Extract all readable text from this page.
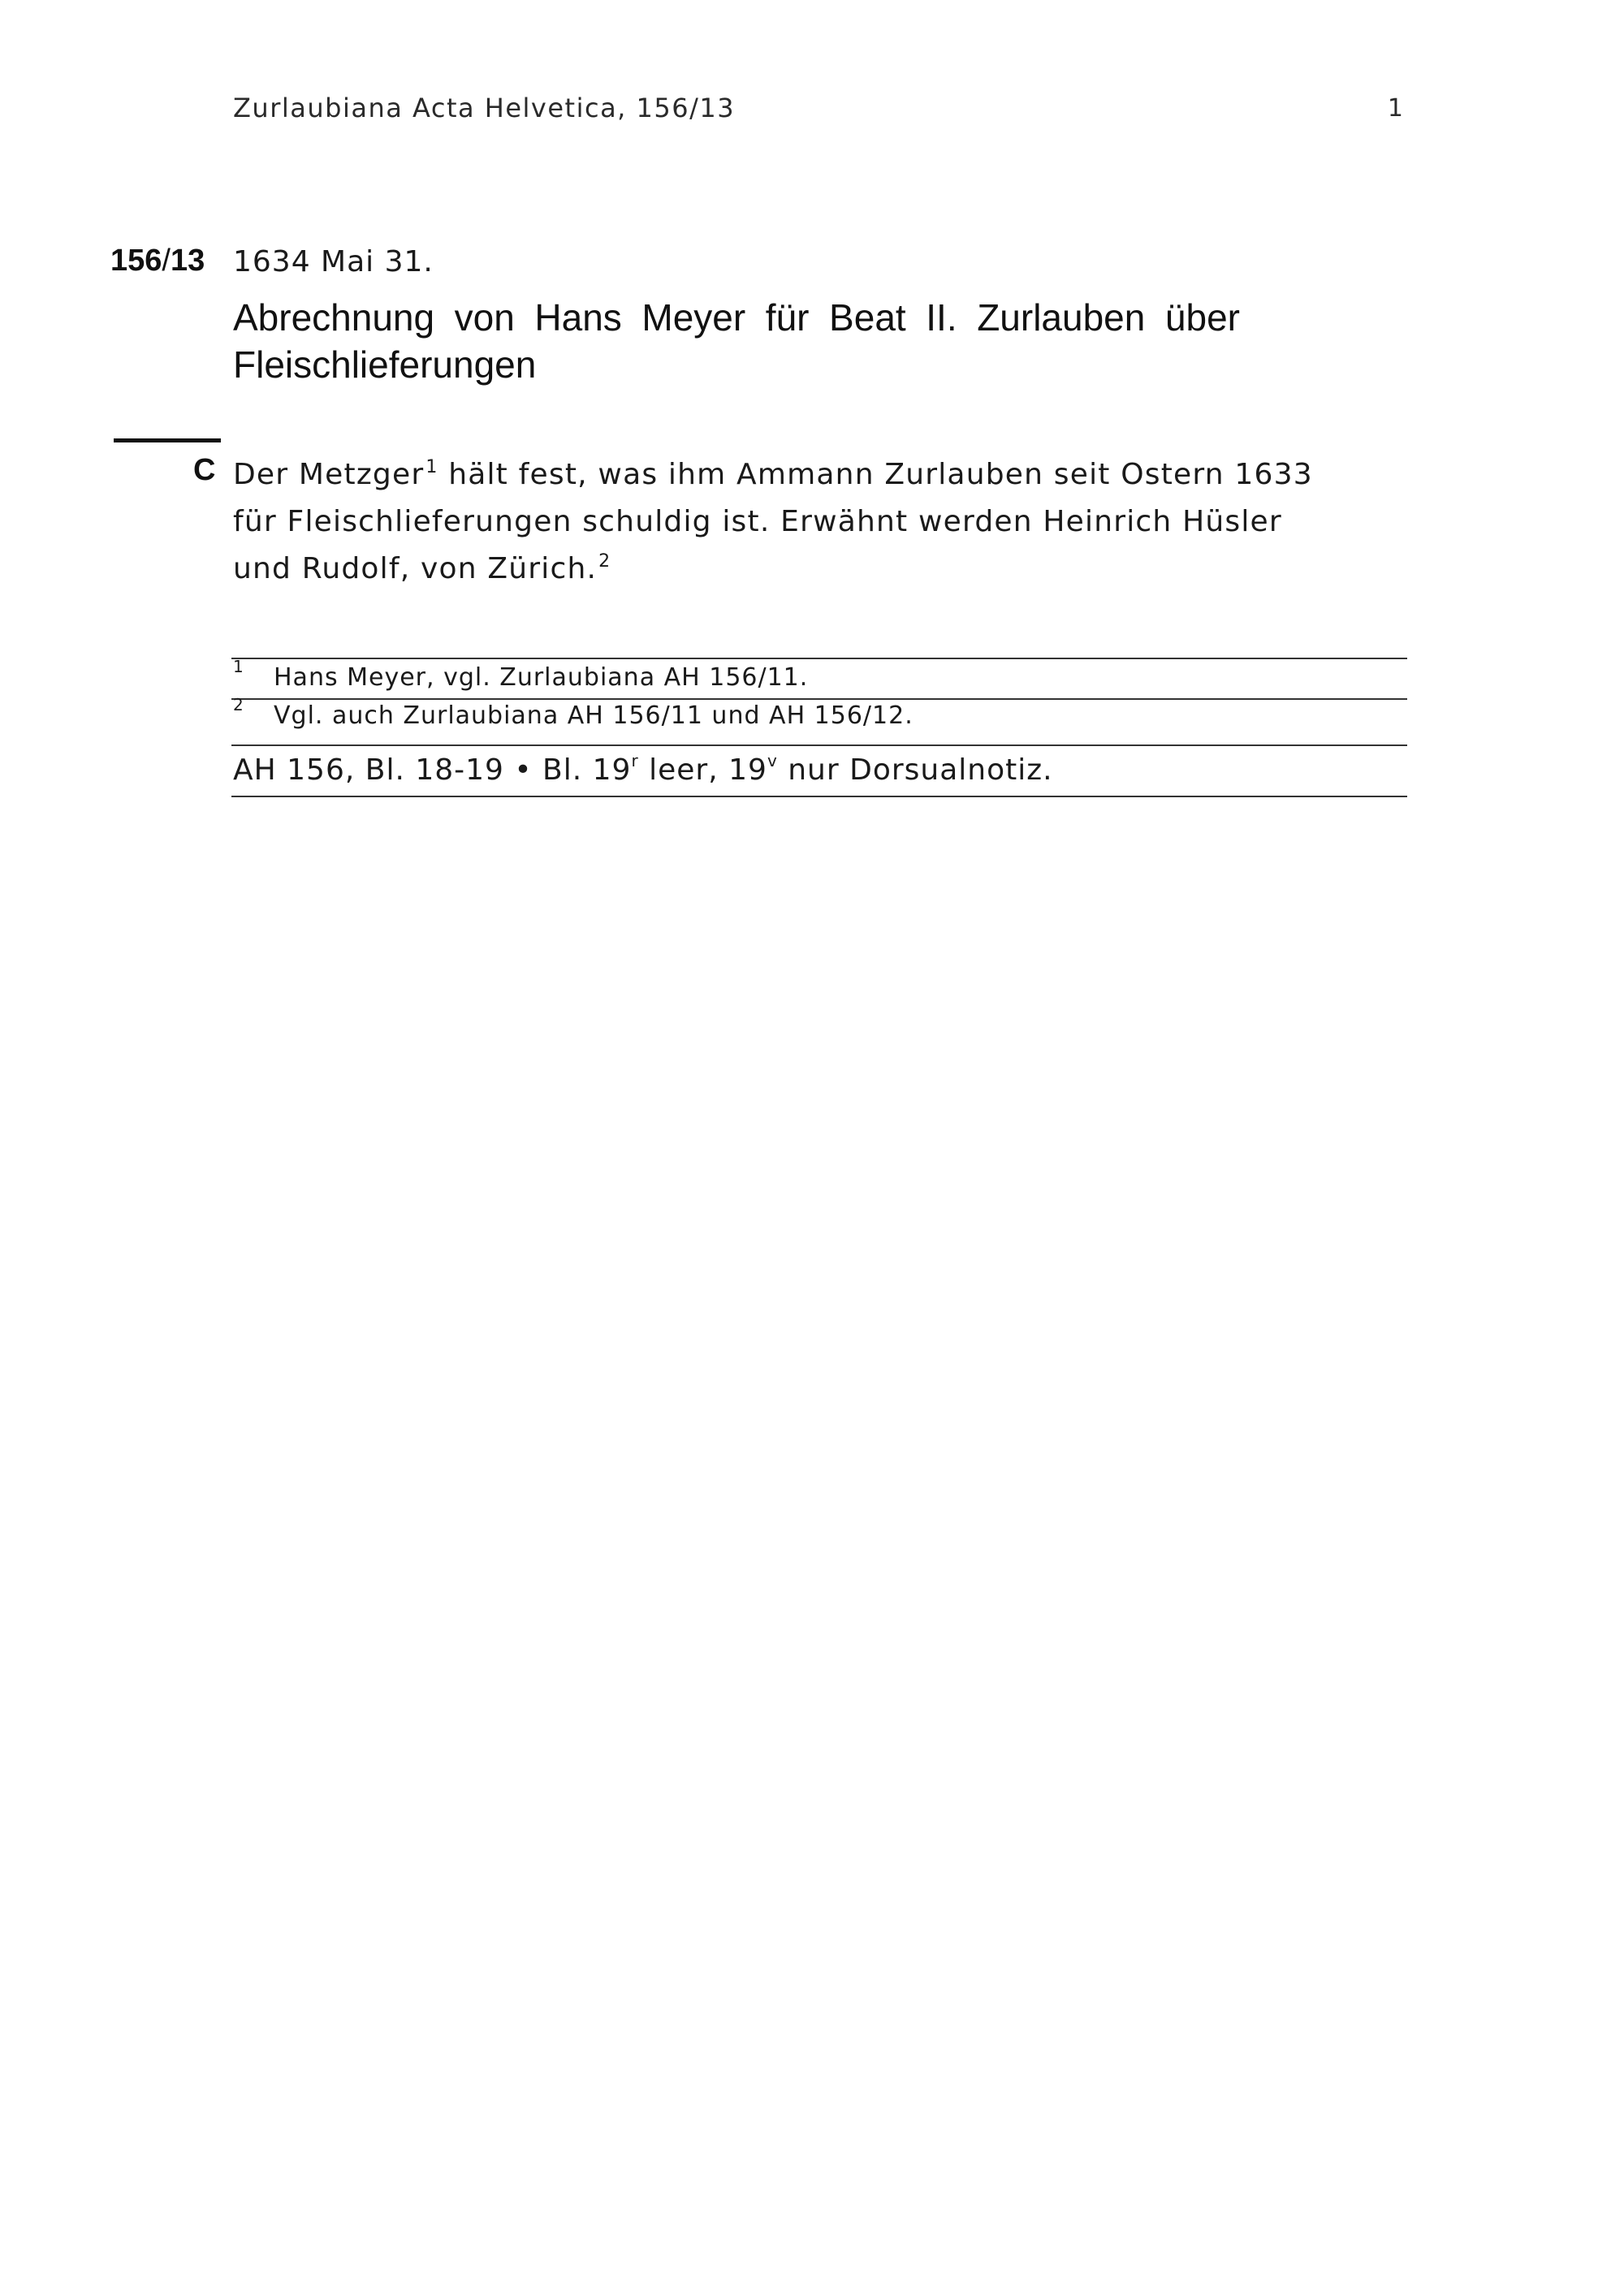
Zurlaubiana Acta Helvetica, 156/13	1
156/13 1634 Mai 31.
Abrechnung von Hans Meyer für Beat II. Zurlauben über Fleischlieferungen
C Der Metzger$^1$ hält fest, was ihm Ammann Zurlauben seit Ostern 1633 für Fleischlieferungen schuldig ist. Erwähnt werden Heinrich Hüsler und Rudolf, von Zürich.$^2$
1 Hans Meyer, vgl. Zurlaubiana AH 156/11.
2 Vgl. auch Zurlaubiana AH 156/11 und AH 156/12.
AH 156, Bl. 18-19 • Bl. 19$^r$ leer, 19$^v$ nur Dorsualnotiz.
